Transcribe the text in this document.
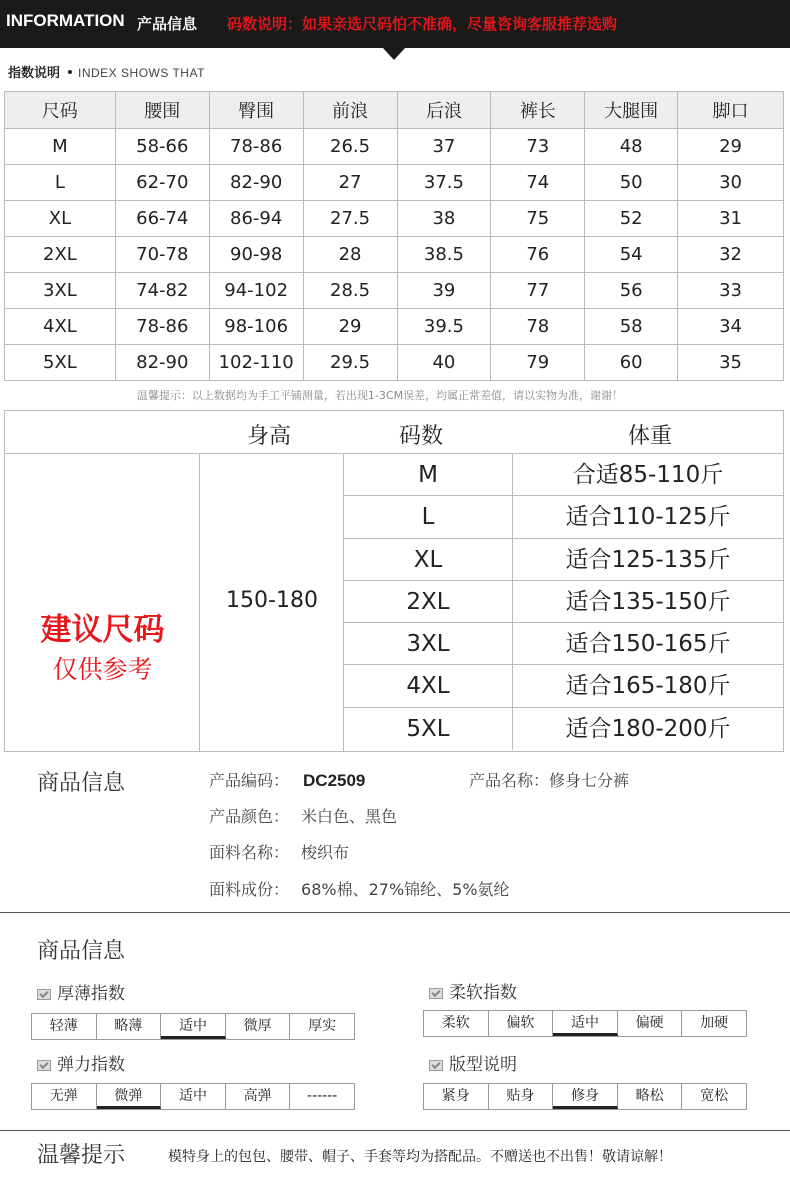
INFORMATION 产品信息 码数说明：如果亲选尺码怕不准确，尽量咨询客服推荐选购
指数说明 INDEX SHOWS THAT
尺码	腰围	臀围	前浪	后浪	裤长	大腿围	脚口
M	58-66	78-86	26.5	37	73	48	29
L	62-70	82-90	27	37.5	74	50	30
XL	66-74	86-94	27.5	38	75	52	31
2XL	70-78	90-98	28	38.5	76	54	32
3XL	74-82	94-102	28.5	39	77	56	33
4XL	78-86	98-106	29	39.5	78	58	34
5XL	82-90	102-110	29.5	40	79	60	35
温馨提示：以上数据均为手工平铺测量，若出现1-3CM误差，均属正常差值，请以实物为准，谢谢！
身高	码数	体重
建议尺码
仅供参考
150-180
M	合适85-110斤
L	适合110-125斤
XL	适合125-135斤
2XL	适合135-150斤
3XL	适合150-165斤
4XL	适合165-180斤
5XL	适合180-200斤
商品信息	产品编码： DC2509	产品名称：修身七分裤
产品颜色： 米白色、黑色
面料名称： 梭织布
面料成份： 68%棉、27%锦纶、5%氨纶
商品信息
厚薄指数
轻薄	略薄	适中	微厚	厚实
柔软指数
柔软	偏软	适中	偏硬	加硬
弹力指数
无弹	微弹	适中	高弹	------
版型说明
紧身	贴身	修身	略松	宽松
温馨提示	模特身上的包包、腰带、帽子、手套等均为搭配品。不赠送也不出售！敬请谅解！
